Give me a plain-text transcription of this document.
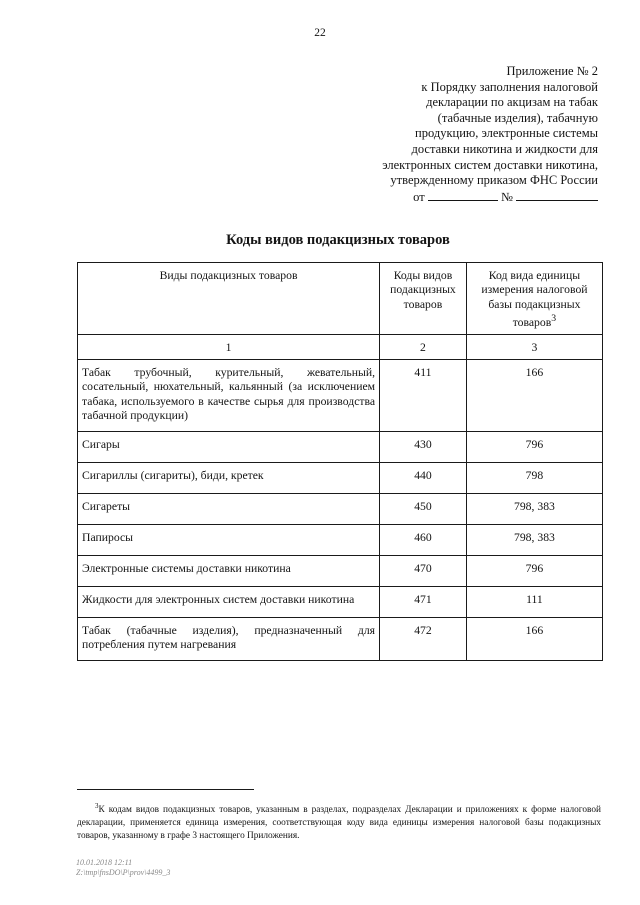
22
Приложение № 2
к Порядку заполнения налоговой
декларации по акцизам на табак
(табачные изделия), табачную
продукцию, электронные системы
доставки никотина и жидкости для
электронных систем доставки никотина,
утвержденному приказом ФНС России
от	№
Коды видов подакцизных товаров
Виды подакцизных товаров	Коды видов подакцизных товаров	Код вида единицы измерения налоговой базы подакцизных товаров$^3$
1	2	3
Табак трубочный, курительный, жевательный, сосательный, нюхательный, кальянный (за исключением табака, используемого в качестве сырья для производства табачной продукции)	411	166
Сигары	430	796
Сигариллы (сигариты), биди, кретек	440	798
Сигареты	450	798, 383
Папиросы	460	798, 383
Электронные системы доставки никотина	470	796
Жидкости для электронных систем доставки никотина	471	111
Табак (табачные изделия), предназначенный для потребления путем нагревания	472	166
$^3$К кодам видов подакцизных товаров, указанным в разделах, подразделах Декларации и приложениях к форме налоговой декларации, применяется единица измерения, соответствующая коду вида единицы измерения налоговой базы подакцизных товаров, указанному в графе 3 настоящего Приложения.
10.01.2018 12:11
Z:\tmp\fnsDO\P\prov\4499_3
